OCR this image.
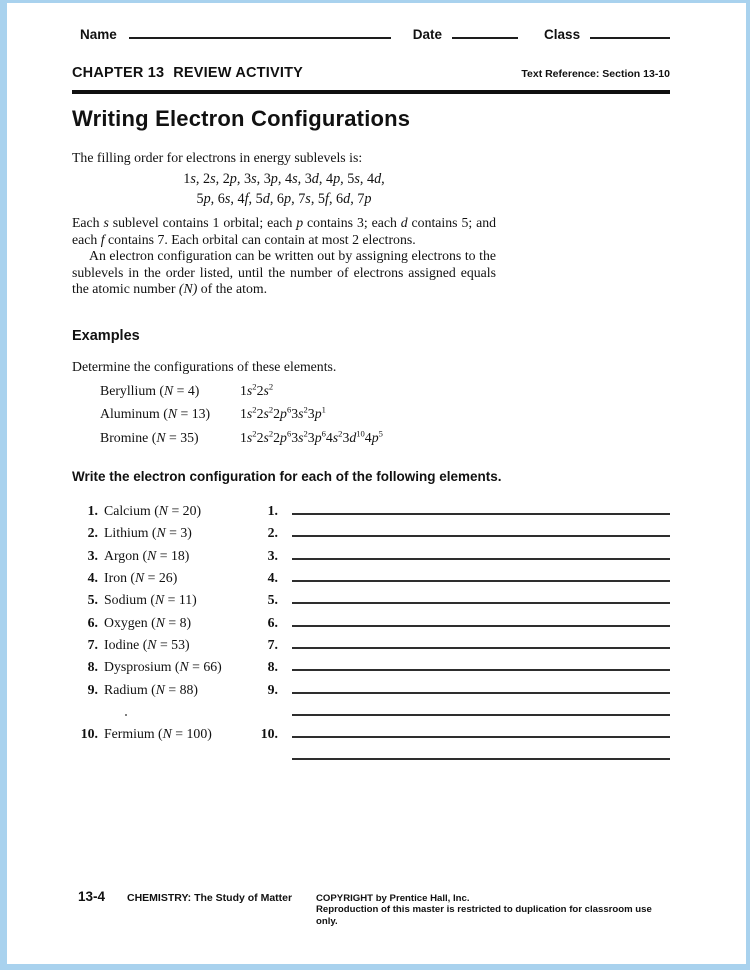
Name	Date	Class
CHAPTER 13 REVIEW ACTIVITY	Text Reference: Section 13-10
Writing Electron Configurations
The filling order for electrons in energy sublevels is:
1s, 2s, 2p, 3s, 3p, 4s, 3d, 4p, 5s, 4d,
5p, 6s, 4f, 5d, 6p, 7s, 5f, 6d, 7p

Each s sublevel contains 1 orbital; each p contains 3; each d contains 5; and each f contains 7. Each orbital can contain at most 2 electrons.

An electron configuration can be written out by assigning electrons to the sublevels in the order listed, until the number of electrons assigned equals the atomic number (N) of the atom.

Examples
Determine the configurations of these elements.
Beryllium (N = 4)	$1s^22s^2$
Aluminum (N = 13)	$1s^22s^22p^63s^23p^1$
Bromine (N = 35)	$1s^22s^22p^63s^23p^64s^23d^{10}4p^5$
Write the electron configuration for each of the following elements.
1. Calcium (N = 20)	1.
2. Lithium (N = 3)	2.
3. Argon (N = 18)	3.
4. Iron (N = 26)	4.
5. Sodium (N = 11)	5.
6. Oxygen (N = 8)	6.
7. Iodine (N = 53)	7.
8. Dysprosium (N = 66)	8.
9. Radium (N = 88)	9.
10. Fermium (N = 100)	10.
13-4	CHEMISTRY: The Study of Matter	COPYRIGHT by Prentice Hall, Inc.
Reproduction of this master is restricted to duplication for classroom use only.
